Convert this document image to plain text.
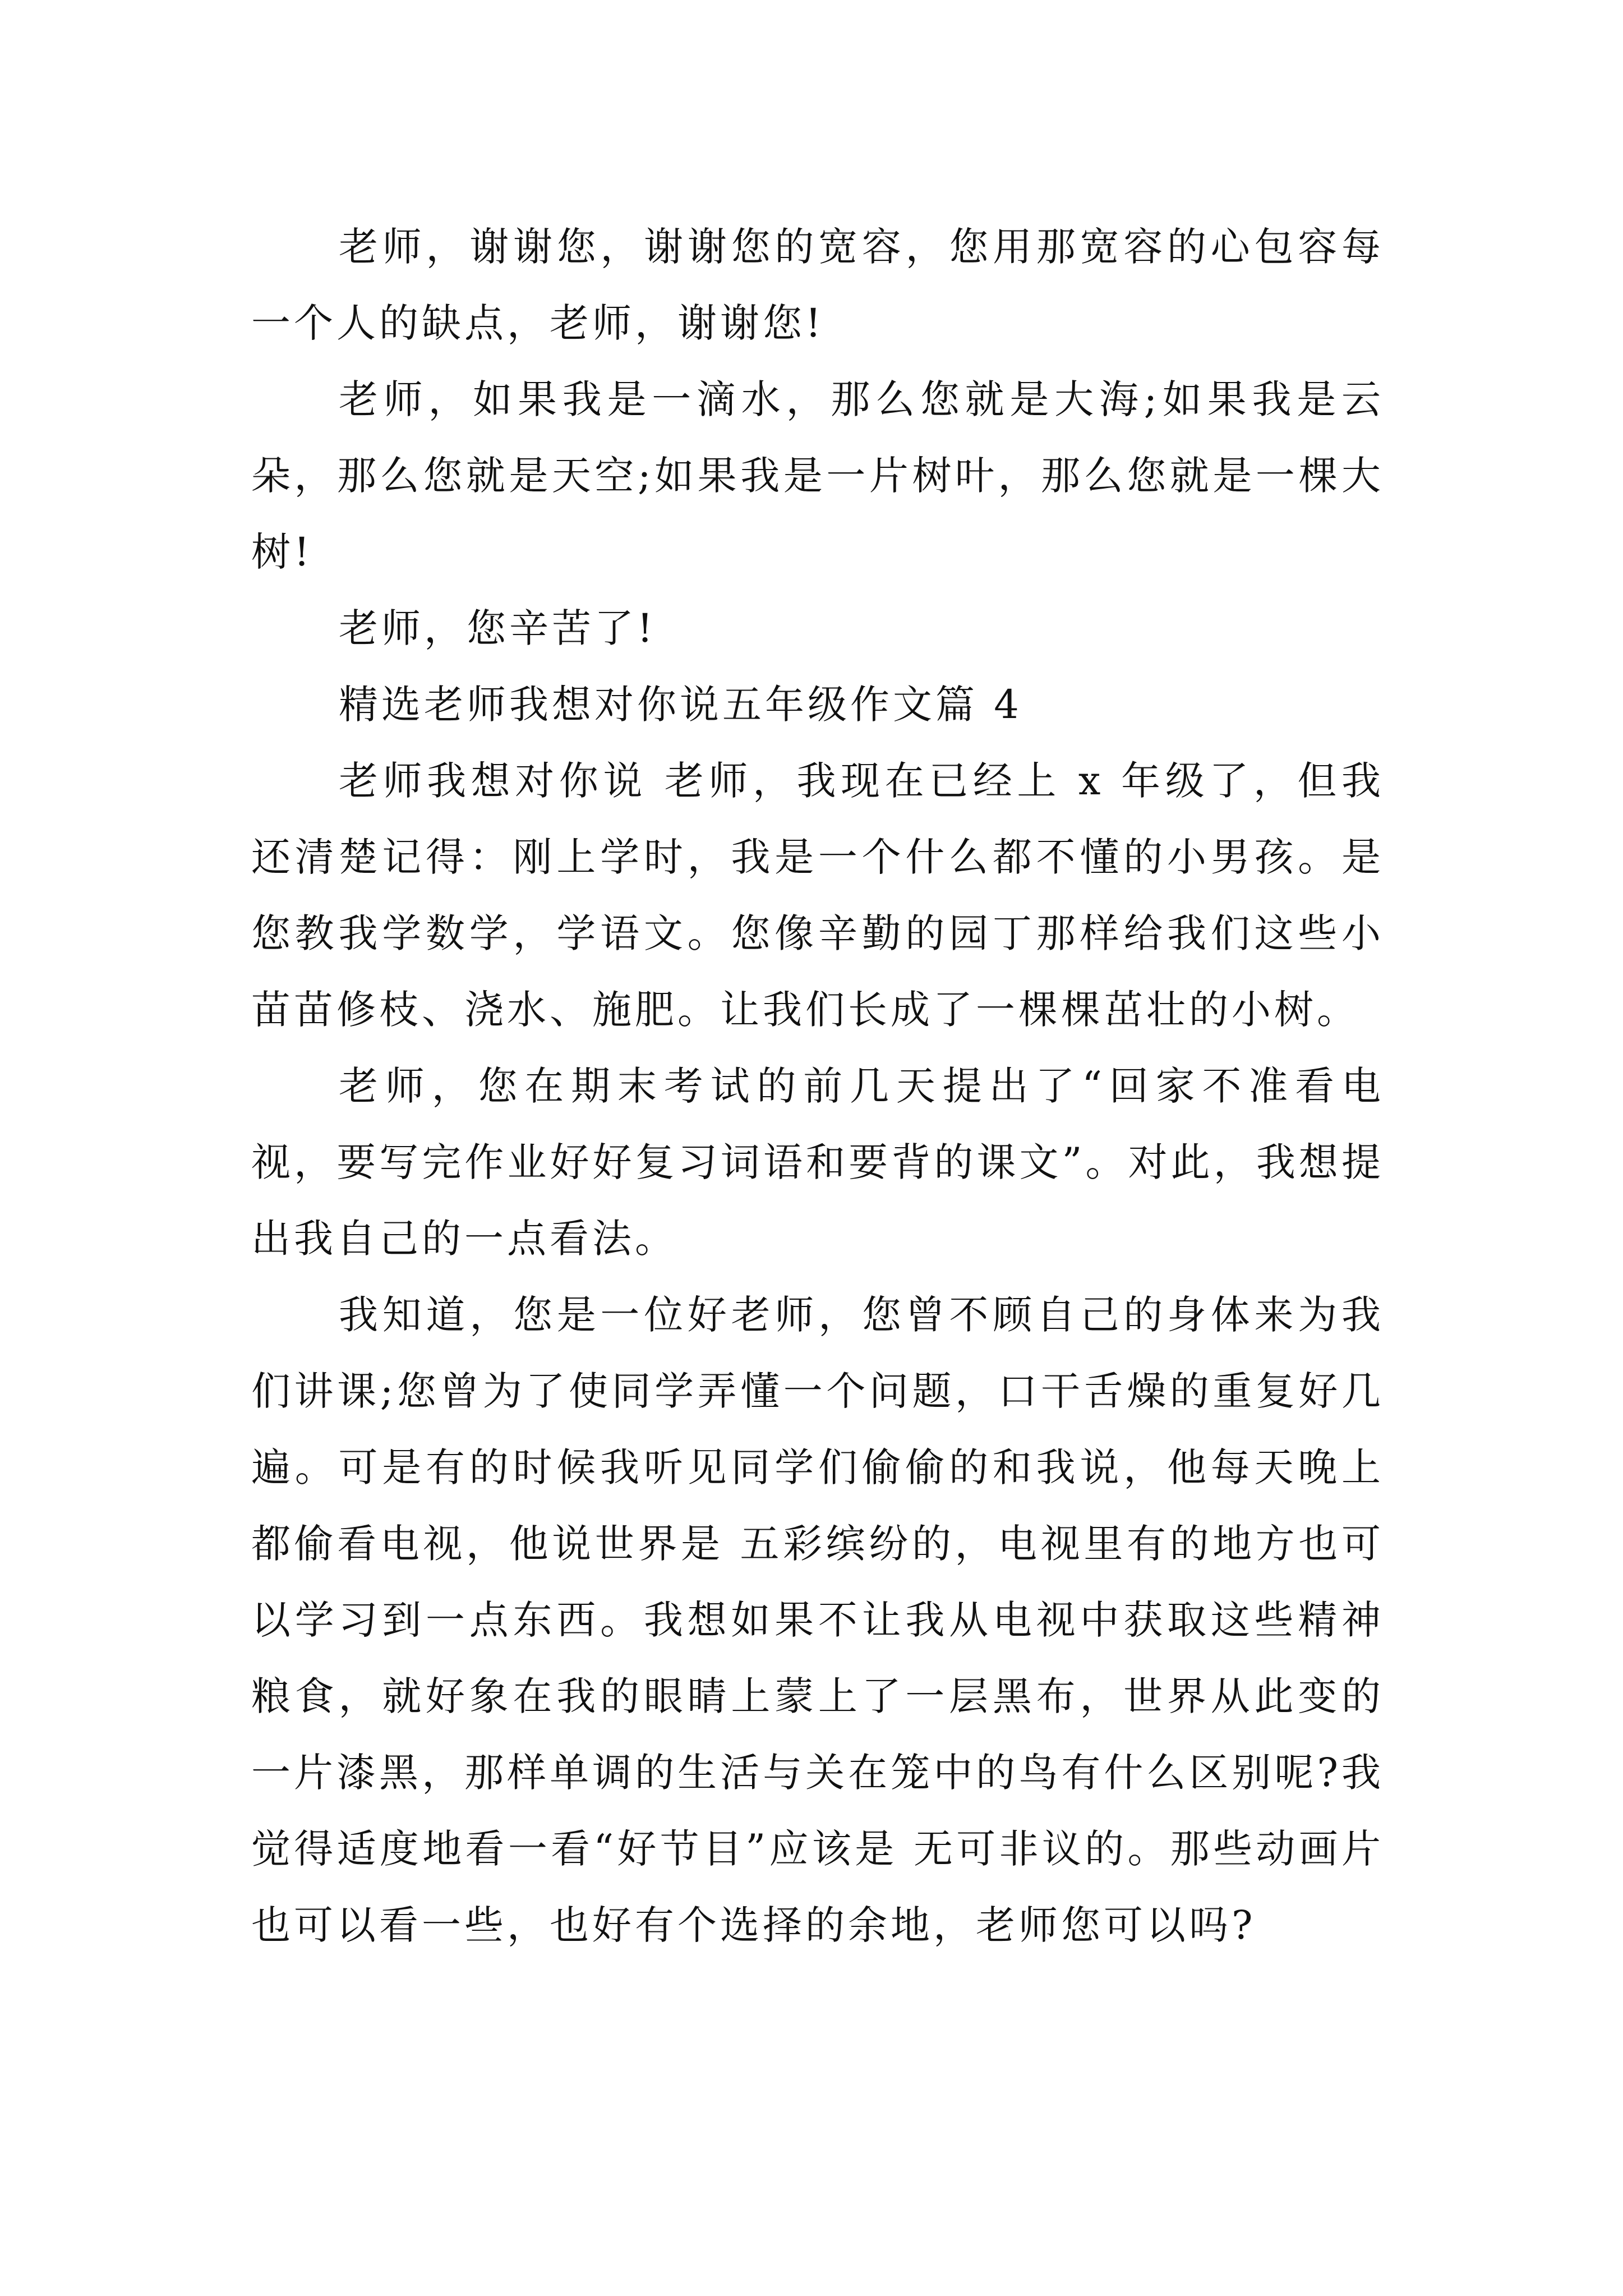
老师，谢谢您，谢谢您的宽容，您用那宽容的心包容每一个人的缺点，老师，谢谢您!

老师，如果我是一滴水，那么您就是大海;如果我是云朵，那么您就是天空;如果我是一片树叶，那么您就是一棵大树!

老师，您辛苦了!

精选老师我想对你说五年级作文篇 4

老师我想对你说 老师，我现在已经上 x 年级了，但我还清楚记得：刚上学时，我是一个什么都不懂的小男孩。是您教我学数学，学语文。您像辛勤的园丁那样给我们这些小苗苗修枝、浇水、施肥。让我们长成了一棵棵茁壮的小树。

老师，您在期末考试的前几天提出了“回家不准看电视，要写完作业好好复习词语和要背的课文”。对此，我想提出我自己的一点看法。

我知道，您是一位好老师，您曾不顾自己的身体来为我们讲课;您曾为了使同学弄懂一个问题，口干舌燥的重复好几遍。可是有的时候我听见同学们偷偷的和我说，他每天晚上都偷看电视，他说世界是 五彩缤纷的，电视里有的地方也可以学习到一点东西。我想如果不让我从电视中获取这些精神粮食，就好象在我的眼睛上蒙上了一层黑布，世界从此变的一片漆黑，那样单调的生活与关在笼中的鸟有什么区别呢?我觉得适度地看一看“好节目”应该是 无可非议的。那些动画片也可以看一些，也好有个选择的余地，老师您可以吗?
